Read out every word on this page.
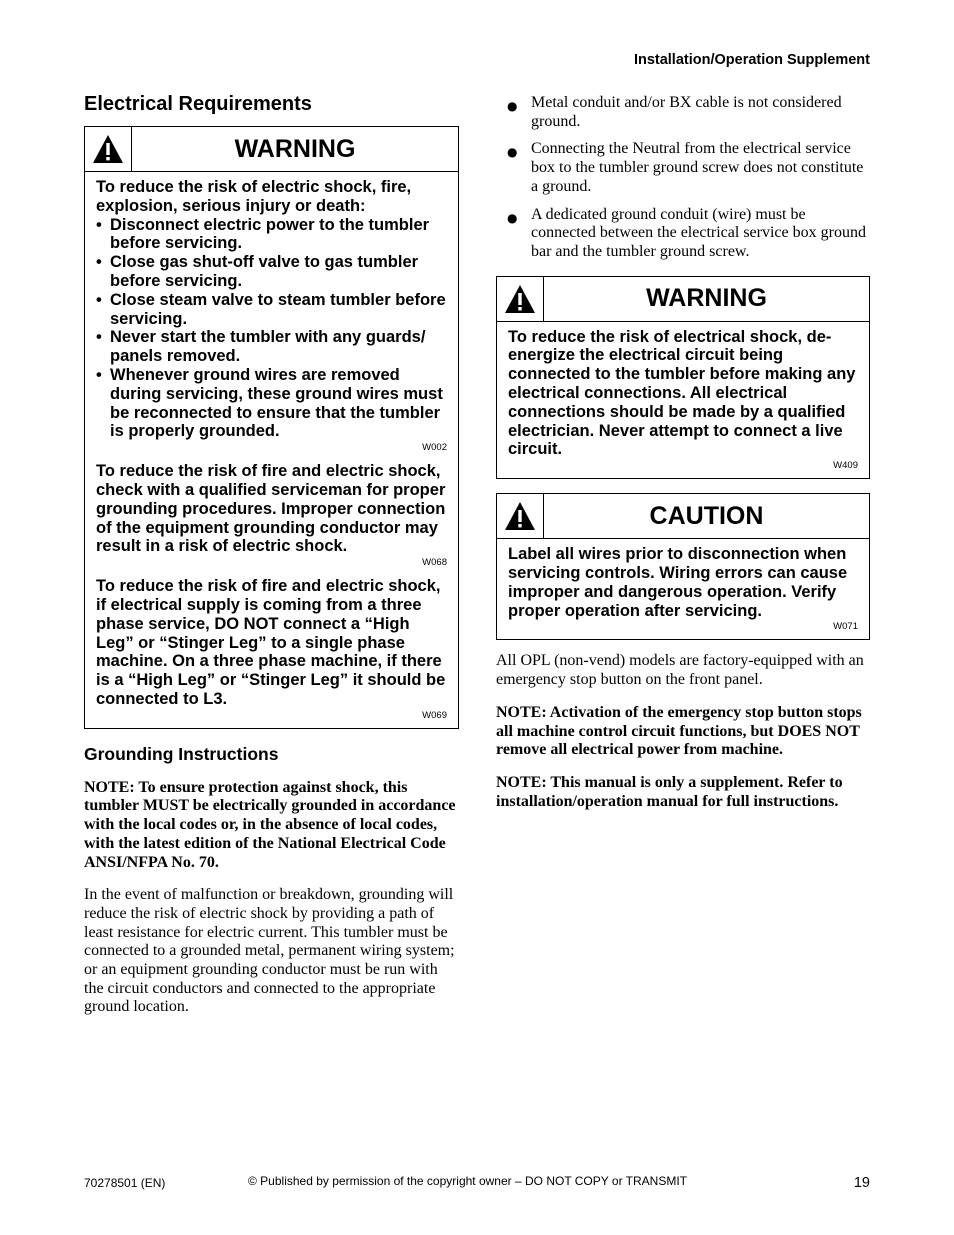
Installation/Operation Supplement
Electrical Requirements
WARNING

To reduce the risk of electric shock, fire, explosion, serious injury or death:

• Disconnect electric power to the tumbler before servicing.
• Close gas shut-off valve to gas tumbler before servicing.
• Close steam valve to steam tumbler before servicing.
• Never start the tumbler with any guards/ panels removed.
• Whenever ground wires are removed during servicing, these ground wires must be reconnected to ensure that the tumbler is properly grounded.
W002

To reduce the risk of fire and electric shock, check with a qualified serviceman for proper grounding procedures. Improper connection of the equipment grounding conductor may result in a risk of electric shock.

W068

To reduce the risk of fire and electric shock, if electrical supply is coming from a three phase service, DO NOT connect a “High Leg” or “Stinger Leg” to a single phase machine. On a three phase machine, if there is a “High Leg” or “Stinger Leg” it should be connected to L3.

W069
Grounding Instructions

NOTE: To ensure protection against shock, this tumbler MUST be electrically grounded in accordance with the local codes or, in the absence of local codes, with the latest edition of the National Electrical Code ANSI/NFPA No. 70.

In the event of malfunction or breakdown, grounding will reduce the risk of electric shock by providing a path of least resistance for electric current. This tumbler must be connected to a grounded metal, permanent wiring system; or an equipment grounding conductor must be run with the circuit conductors and connected to the appropriate ground location.

● Metal conduit and/or BX cable is not considered ground.
● Connecting the Neutral from the electrical service box to the tumbler ground screw does not constitute a ground.
● A dedicated ground conduit (wire) must be connected between the electrical service box ground bar and the tumbler ground screw.
WARNING

To reduce the risk of electrical shock, de-energize the electrical circuit being connected to the tumbler before making any electrical connections. All electrical connections should be made by a qualified electrician. Never attempt to connect a live circuit.

W409
CAUTION

Label all wires prior to disconnection when servicing controls. Wiring errors can cause improper and dangerous operation. Verify proper operation after servicing.

W071

All OPL (non-vend) models are factory-equipped with an emergency stop button on the front panel.

NOTE: Activation of the emergency stop button stops all machine control circuit functions, but DOES NOT remove all electrical power from machine.

NOTE: This manual is only a supplement. Refer to installation/operation manual for full instructions.

70278501 (EN)	© Published by permission of the copyright owner – DO NOT COPY or TRANSMIT	19
